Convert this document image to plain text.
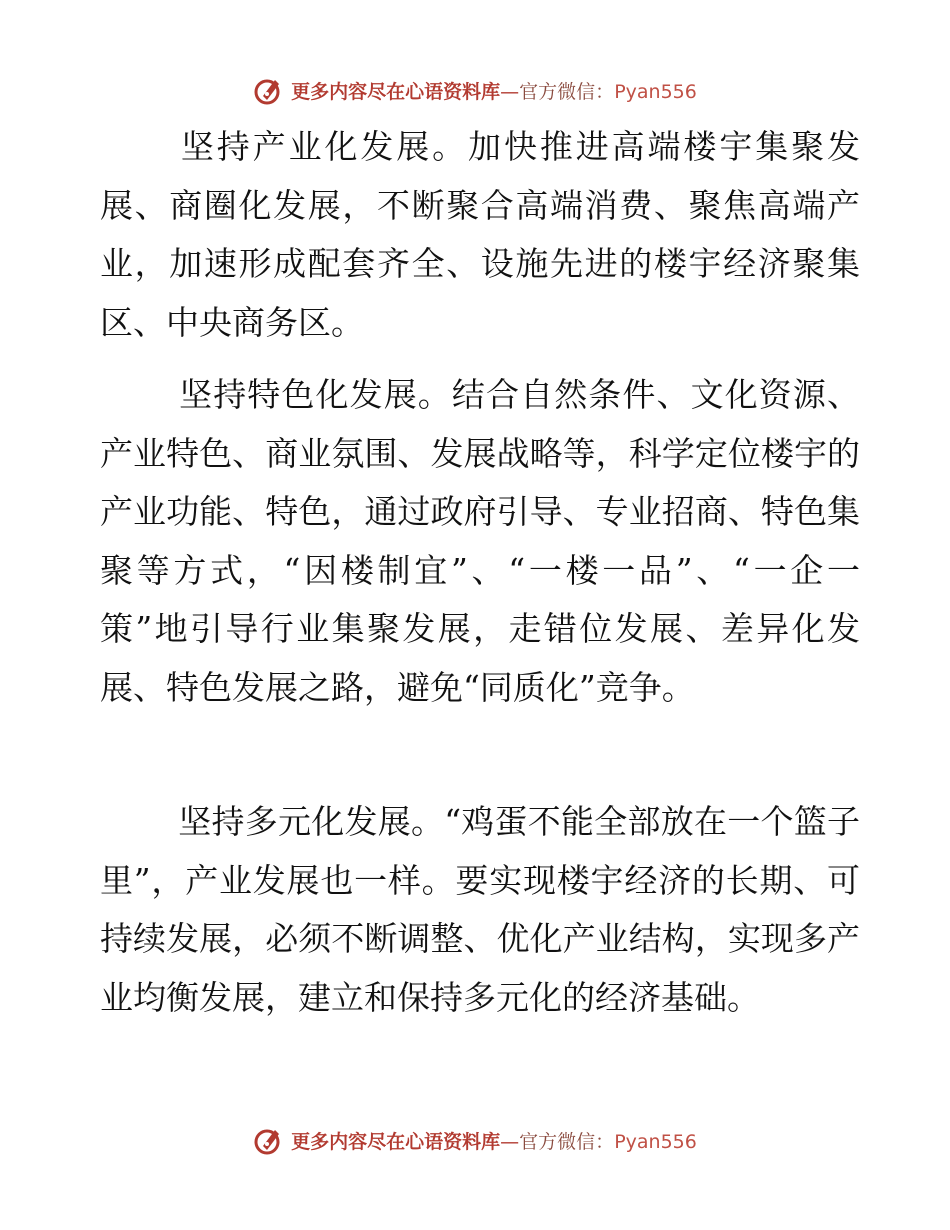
更多内容尽在心语资料库—官方微信：Pyan556

坚持产业化发展。加快推进高端楼宇集聚发展、商圈化发展，不断聚合高端消费、聚焦高端产业，加速形成配套齐全、设施先进的楼宇经济聚集区、中央商务区。

坚持特色化发展。结合自然条件、文化资源、产业特色、商业氛围、发展战略等，科学定位楼宇的产业功能、特色，通过政府引导、专业招商、特色集聚等方式，“因楼制宜”、“一楼一品”、“一企一策”地引导行业集聚发展，走错位发展、差异化发展、特色发展之路，避免“同质化”竞争。

坚持多元化发展。“鸡蛋不能全部放在一个篮子里”，产业发展也一样。要实现楼宇经济的长期、可持续发展，必须不断调整、优化产业结构，实现多产业均衡发展，建立和保持多元化的经济基础。

更多内容尽在心语资料库—官方微信：Pyan556
